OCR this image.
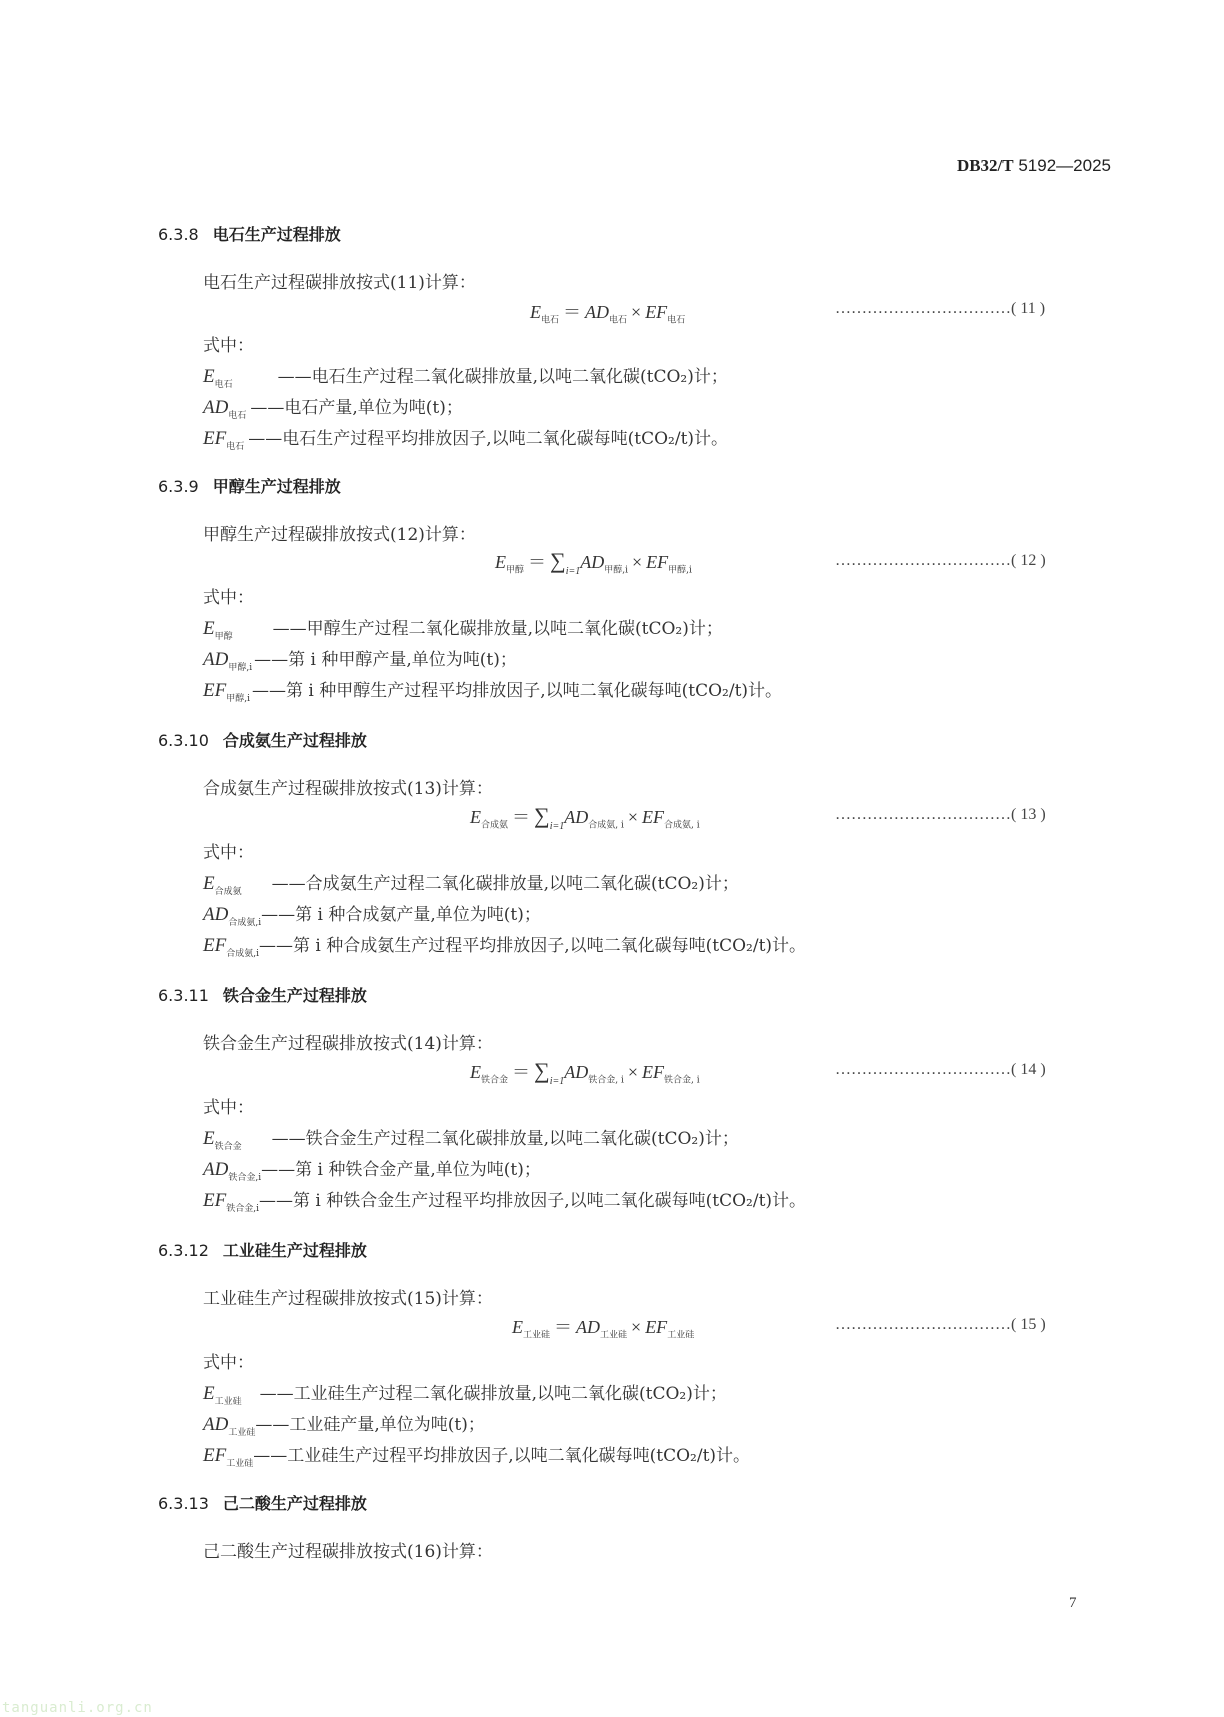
DB32/T 5192—2025
6.3.8 电石生产过程排放
电石生产过程碳排放按式(11)计算：
$E_{电石} = AD_{电石} \times EF_{电石}$
……………………………( 11 )
式中：
$E_{电石}$	——电石生产过程二氧化碳排放量,以吨二氧化碳(tCO₂)计；
$AD_{电石}$ ——电石产量,单位为吨(t)；
$EF_{电石}$ ——电石生产过程平均排放因子,以吨二氧化碳每吨(tCO₂/t)计。
6.3.9 甲醇生产过程排放
甲醇生产过程碳排放按式(12)计算：
$E_{甲醇} = \sum i=1AD_{甲醇,i} \times EF_{甲醇,i}$
……………………………( 12 )
式中：
$E_{甲醇}$ ——甲醇生产过程二氧化碳排放量,以吨二氧化碳(tCO₂)计；
$AD_{甲醇,i}$ ——第 i 种甲醇产量,单位为吨(t)；
$EF_{甲醇,i}$ ——第 i 种甲醇生产过程平均排放因子,以吨二氧化碳每吨(tCO₂/t)计。
6.3.10 合成氨生产过程排放
合成氨生产过程碳排放按式(13)计算：
$E_{合成氨} = \sum i=1AD_{合成氨, i} \times EF_{合成氨, i}$
……………………………( 13 )
式中：
$E_{合成氨}$ ——合成氨生产过程二氧化碳排放量,以吨二氧化碳(tCO₂)计；
$AD_{合成氨,i}——$第 i 种合成氨产量,单位为吨(t)；
$EF_{合成氨,i}——$第 i 种合成氨生产过程平均排放因子,以吨二氧化碳每吨(tCO₂/t)计。
6.3.11 铁合金生产过程排放
铁合金生产过程碳排放按式(14)计算：
$E_{铁合金} = \sum i=1AD_{铁合金, i} \times EF_{铁合金, i}$
……………………………( 14 )
式中：
$E_{铁合金}$ ——铁合金生产过程二氧化碳排放量,以吨二氧化碳(tCO₂)计；
$AD_{铁合金,i}——$第 i 种铁合金产量,单位为吨(t)；
$EF_{铁合金,i}——$第 i 种铁合金生产过程平均排放因子,以吨二氧化碳每吨(tCO₂/t)计。
6.3.12 工业硅生产过程排放
工业硅生产过程碳排放按式(15)计算：
$E_{工业硅} = AD_{工业硅} \times EF_{工业硅}$
……………………………( 15 )
式中：
$E_{工业硅}$ ——工业硅生产过程二氧化碳排放量,以吨二氧化碳(tCO₂)计；
$AD_{工业硅}——$工业硅产量,单位为吨(t)；
$EF_{工业硅}——$工业硅生产过程平均排放因子,以吨二氧化碳每吨(tCO₂/t)计。
6.3.13 己二酸生产过程排放
己二酸生产过程碳排放按式(16)计算：
7
tanguanli.org.cn
